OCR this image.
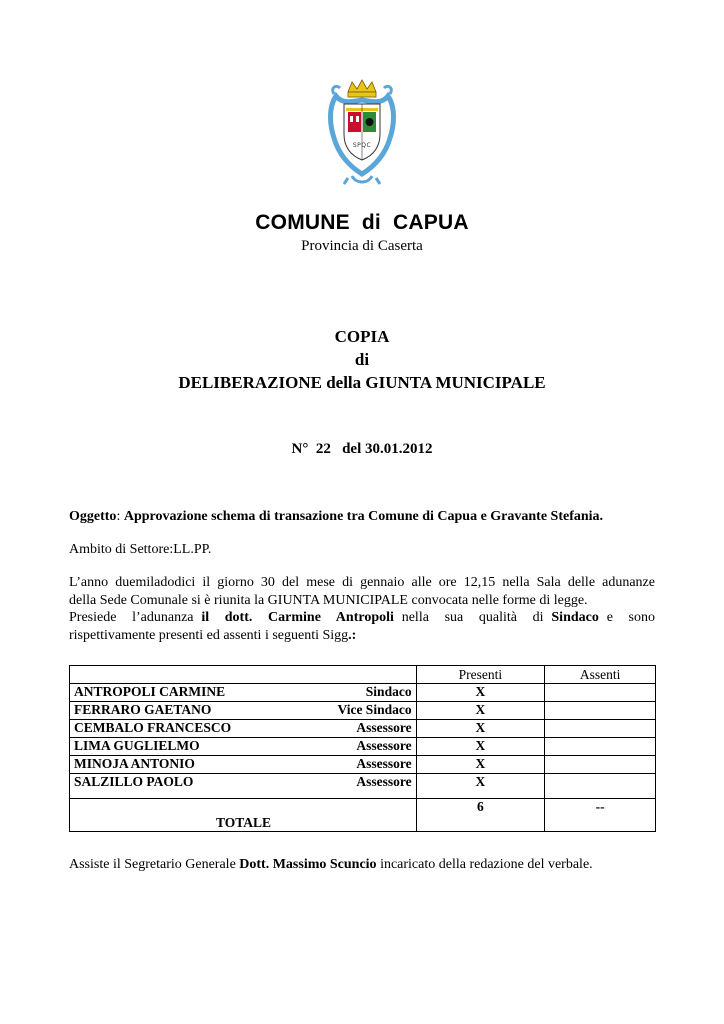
SPQC
COMUNE  di  CAPUA
Provincia di Caserta
COPIA
di
DELIBERAZIONE della GIUNTA MUNICIPALE
N°  22   del 30.01.2012
Oggetto: Approvazione schema di transazione tra Comune di Capua e Gravante Stefania.
Ambito di Settore:LL.PP.
L’anno duemiladodici il giorno 30 del mese di gennaio alle ore 12,15 nella Sala delle adunanze
della Sede Comunale si è riunita la GIUNTA MUNICIPALE convocata nelle forme di legge.
Presiede  l’adunanza il  dott.  Carmine  Antropoli nella  sua  qualità  di Sindaco e  sono
rispettivamente presenti ed assenti i seguenti Sigg.:
		Presenti	Assenti
ANTROPOLI CARMINE	Sindaco	X	
FERRARO GAETANO	Vice Sindaco	X	
CEMBALO FRANCESCO	Assessore	X	
LIMA GUGLIELMO	Assessore	X	
MINOJA ANTONIO	Assessore	X	
SALZILLO PAOLO	Assessore	X	
TOTALE		6	--
Assiste il Segretario Generale Dott. Massimo Scuncio incaricato della redazione del verbale.
